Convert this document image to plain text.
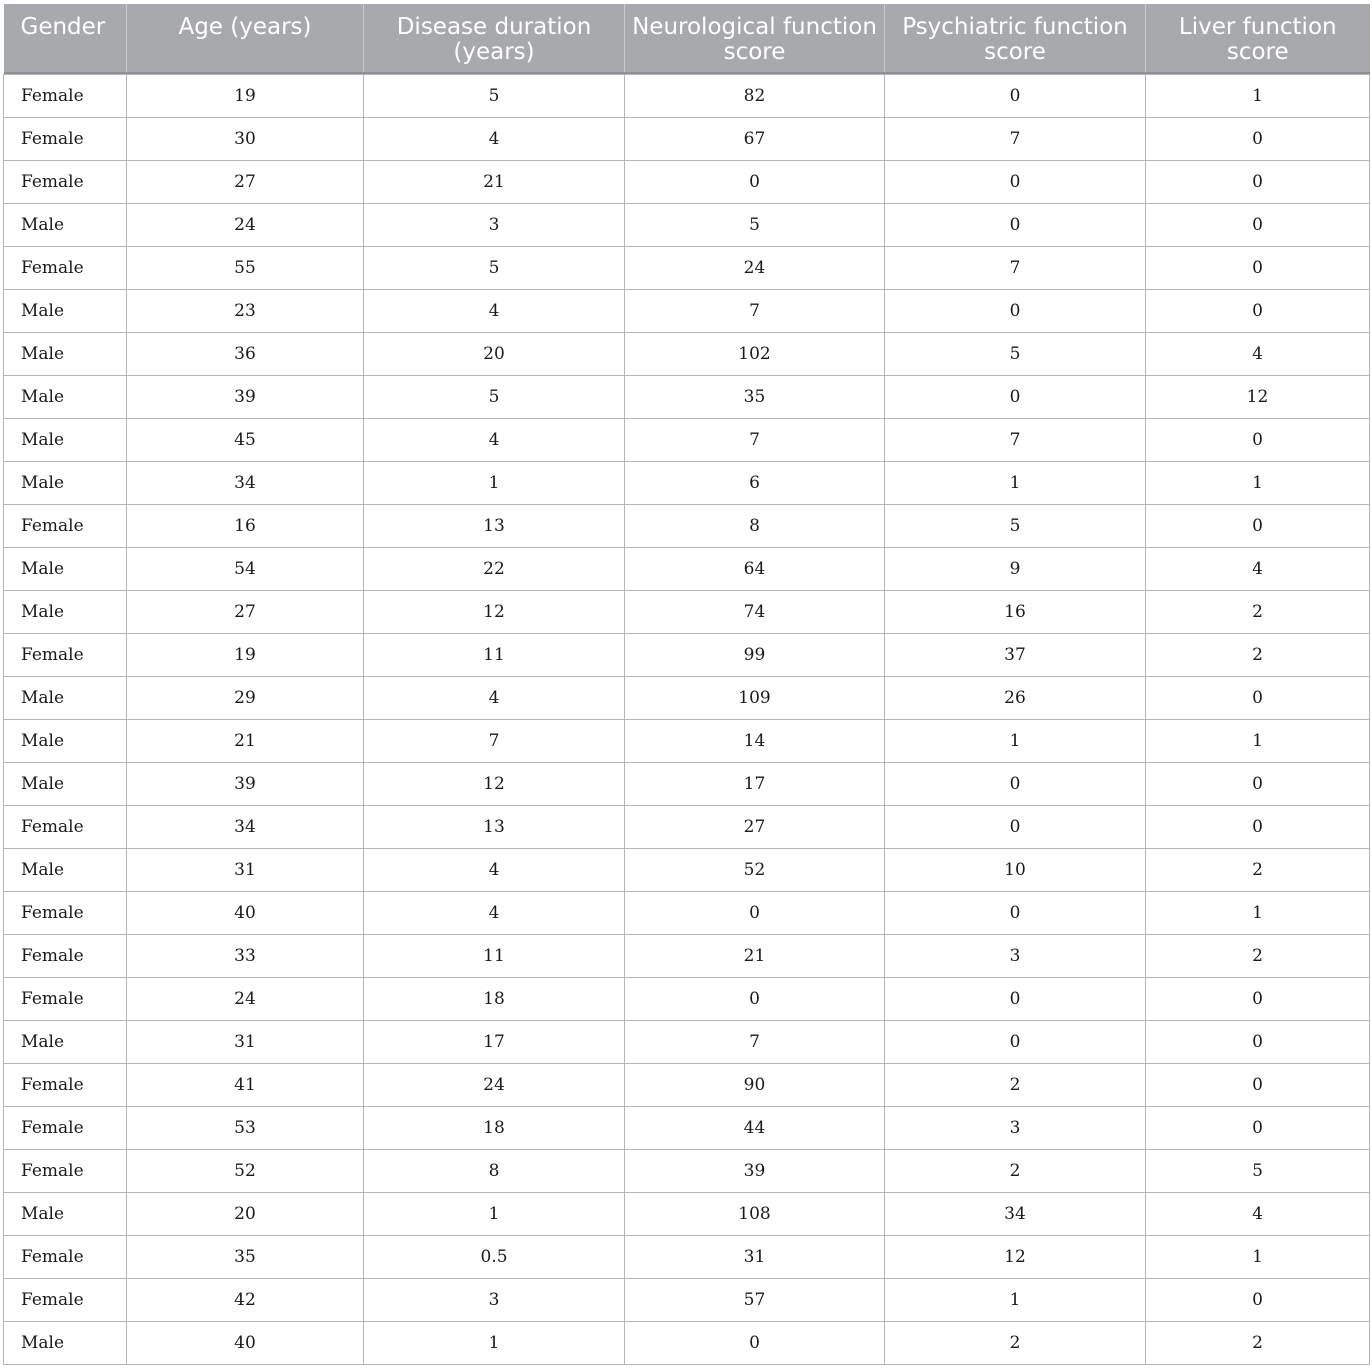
Gender	Age (years)	Disease duration (years)	Neurological function score	Psychiatric function score	Liver function score

Female	19	5	82	0	1
Female	30	4	67	7	0
Female	27	21	0	0	0
Male	24	3	5	0	0
Female	55	5	24	7	0
Male	23	4	7	0	0
Male	36	20	102	5	4
Male	39	5	35	0	12
Male	45	4	7	7	0
Male	34	1	6	1	1
Female	16	13	8	5	0
Male	54	22	64	9	4
Male	27	12	74	16	2
Female	19	11	99	37	2
Male	29	4	109	26	0
Male	21	7	14	1	1
Male	39	12	17	0	0
Female	34	13	27	0	0
Male	31	4	52	10	2
Female	40	4	0	0	1
Female	33	11	21	3	2
Female	24	18	0	0	0
Male	31	17	7	0	0
Female	41	24	90	2	0
Female	53	18	44	3	0
Female	52	8	39	2	5
Male	20	1	108	34	4
Female	35	0.5	31	12	1
Female	42	3	57	1	0
Male	40	1	0	2	2
